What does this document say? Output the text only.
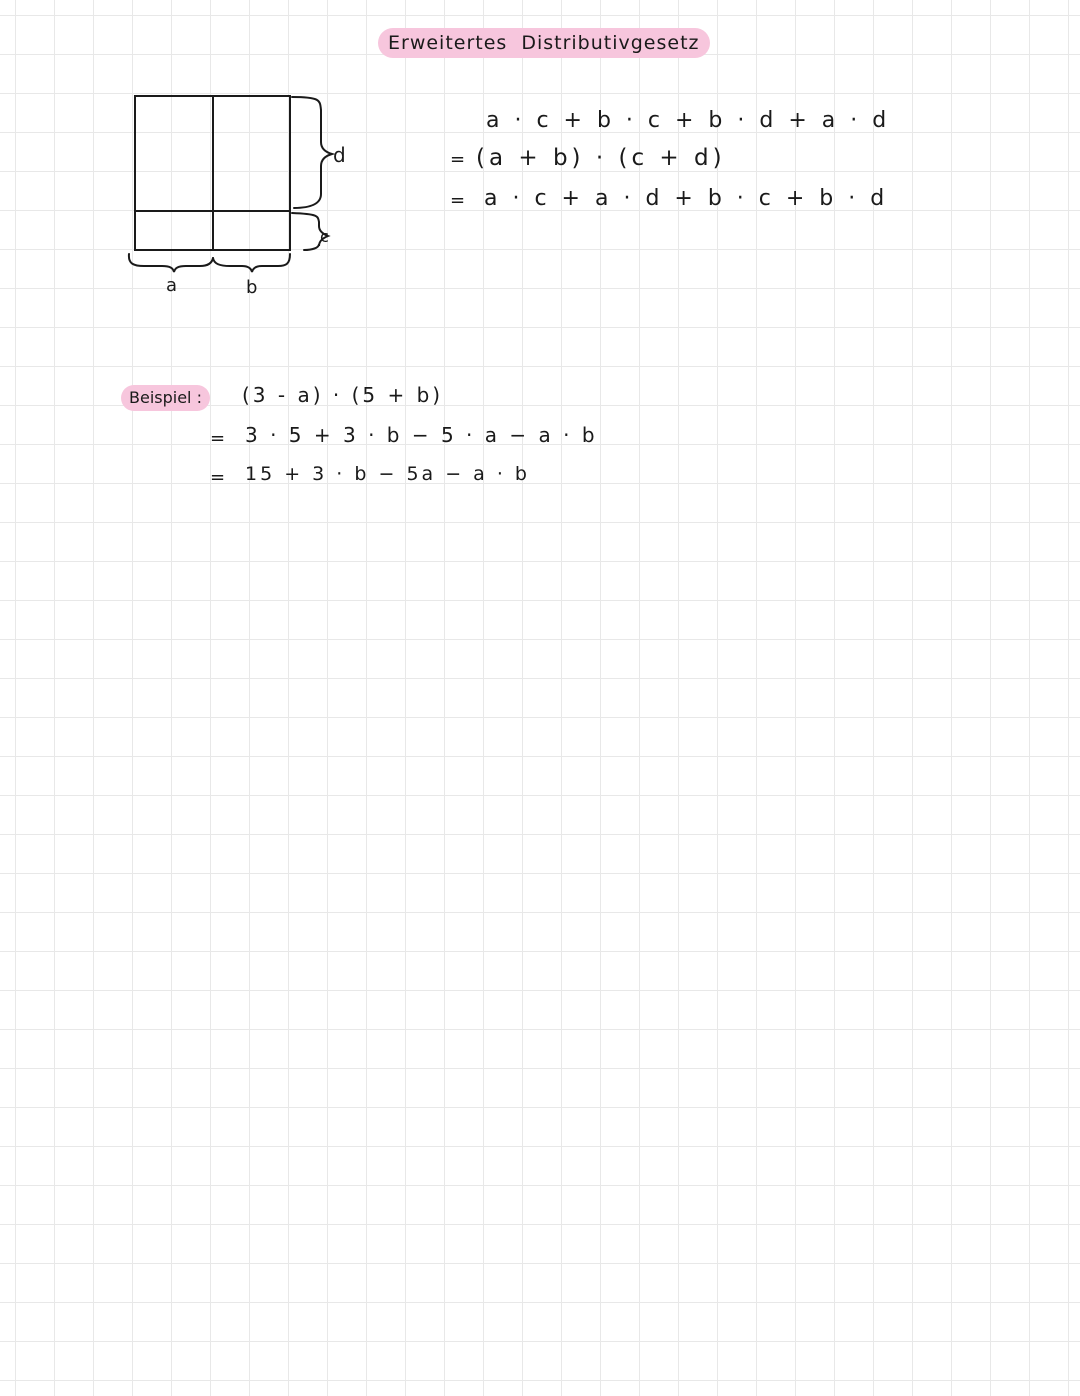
Erweitertes Distributivgesetz
d
c
a	b
a · c + b · c + b · d + a · d
= (a + b) · (c + d)
= a · c + a · d + b · c + b · d
Beispiel :	(3 - a) · (5 + b)
= 3 · 5 + 3 · b − 5 · a − a · b
= 15 + 3 · b − 5a − a · b
